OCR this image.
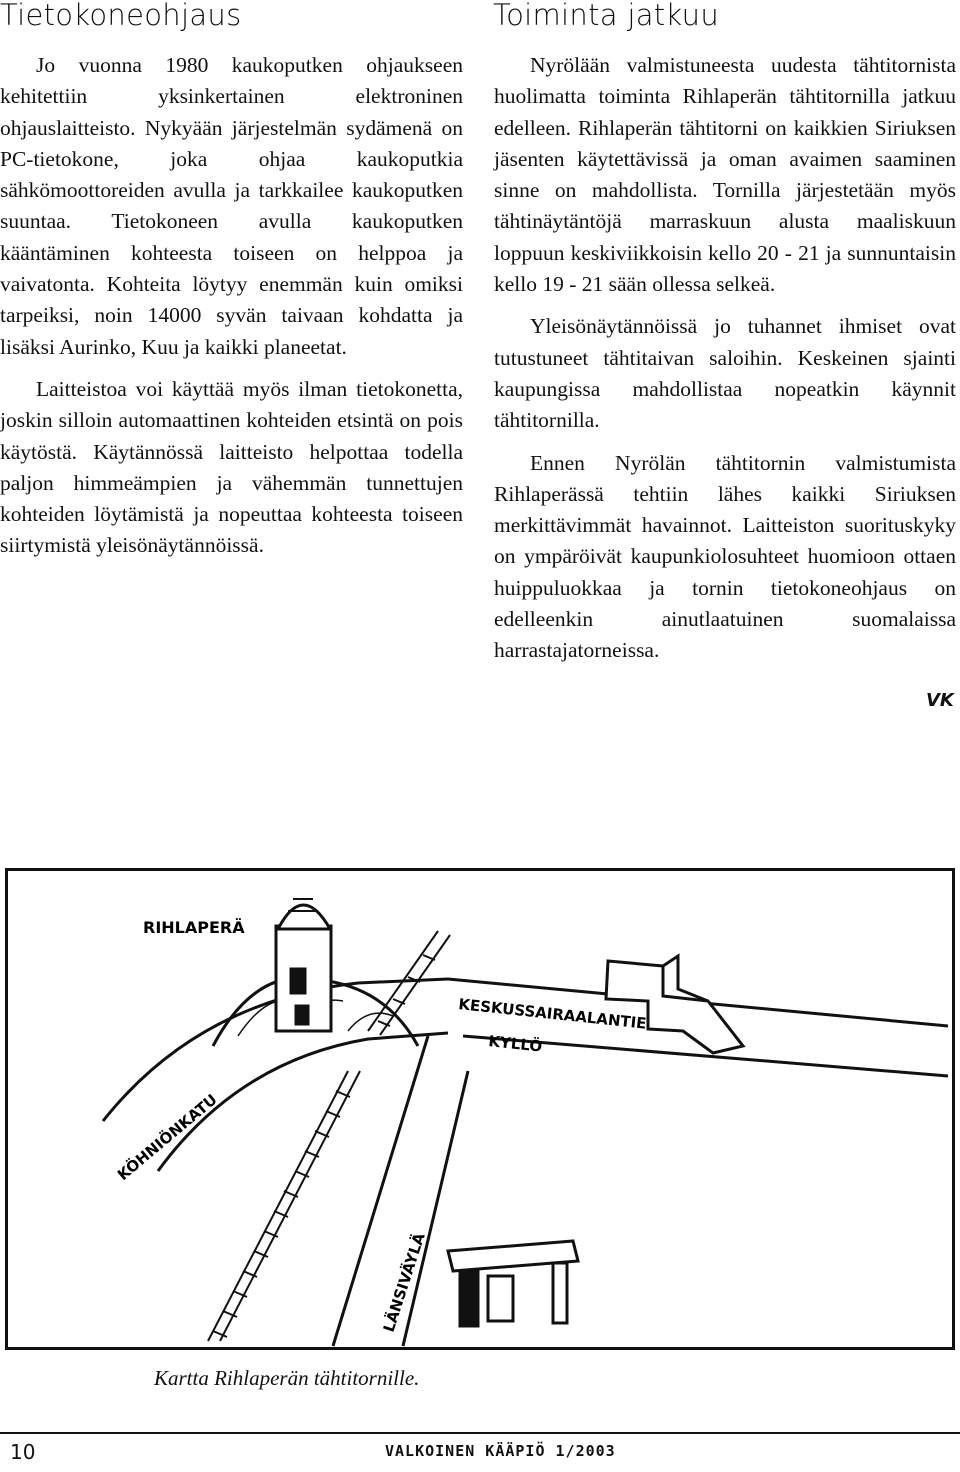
Tietokoneohjaus	Toiminta jatkuu

Jo vuonna 1980 kaukoputken ohjaukseen kehitettiin yksinkertainen elektroninen ohjauslaitteisto. Nykyään järjestelmän sydämenä on PC-tietokone, joka ohjaa kaukoputkia sähkömoottoreiden avulla ja tarkkailee kaukoputken suuntaa. Tietokoneen avulla kaukoputken kääntäminen kohteesta toiseen on helppoa ja vaivatonta. Kohteita löytyy enemmän kuin omiksi tarpeiksi, noin 14000 syvän taivaan kohdatta ja lisäksi Aurinko, Kuu ja kaikki planeetat.

Laitteistoa voi käyttää myös ilman tietokonetta, joskin silloin automaattinen kohteiden etsintä on pois käytöstä. Käytännössä laitteisto helpottaa todella paljon himmeämpien ja vähemmän tunnettujen kohteiden löytämistä ja nopeuttaa kohteesta toiseen siirtymistä yleisönäytännöissä.

Nyrölään valmistuneesta uudesta tähtitornista huolimatta toiminta Rihlaperän tähtitornilla jatkuu edelleen. Rihlaperän tähtitorni on kaikkien Siriuksen jäsenten käytettävissä ja oman avaimen saaminen sinne on mahdollista. Tornilla järjestetään myös tähtinäytäntöjä marraskuun alusta maaliskuun loppuun keskiviikkoisin kello 20 - 21 ja sunnuntaisin kello 19 - 21 sään ollessa selkeä.

Yleisönäytännöissä jo tuhannet ihmiset ovat tutustuneet tähtitaivan saloihin. Keskeinen sjainti kaupungissa mahdollistaa nopeatkin käynnit tähtitornilla.

Ennen Nyrölän tähtitornin valmistumista Rihlaperässä tehtiin lähes kaikki Siriuksen merkittävimmät havainnot. Laitteiston suorituskyky on ympäröivät kaupunkiolosuhteet huomioon ottaen huippuluokkaa ja tornin tietokoneohjaus on edelleenkin ainutlaatuinen suomalaissa harrastajatorneissa.

VK
RIHLAPERÄ
KYLLÖ
KESKUSSAIRAALANTIE
KÖHNIÖNKATU
LÄNSIVÄYLÄ
Kartta Rihlaperän tähtitornille.
10	VALKOINEN KÄÄPIÖ 1/2003
